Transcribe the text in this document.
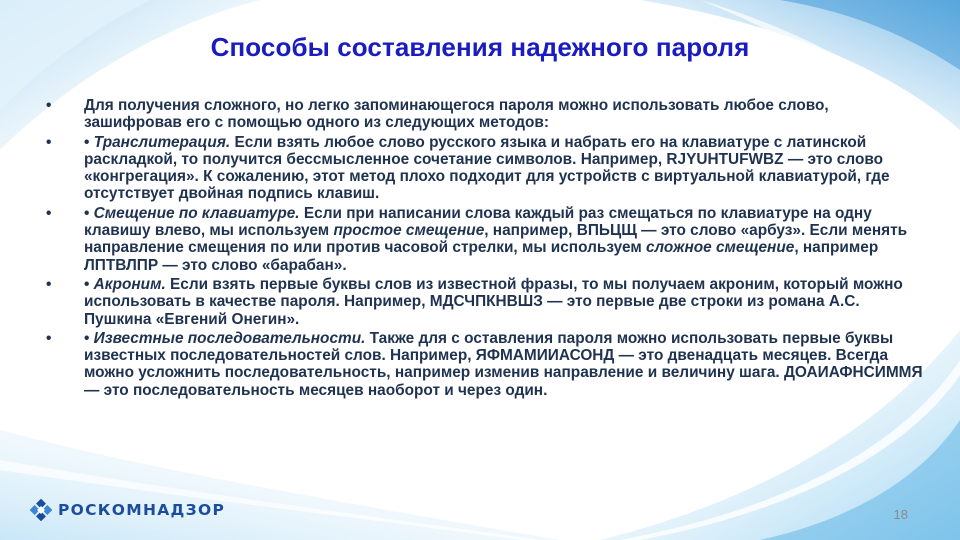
Способы составления надежного пароля
• Для получения сложного, но легко запоминающегося пароля можно использовать любое слово, зашифровав его с помощью одного из следующих методов:
• • Транслитерация. Если взять любое слово русского языка и набрать его на клавиатуре с латинской раскладкой, то получится бессмысленное сочетание символов. Например, RJYUHTUFWBZ — это слово «конгрегация». К сожалению, этот метод плохо подходит для устройств с виртуальной клавиатурой, где отсутствует двойная подпись клавиш.
• • Смещение по клавиатуре. Если при написании слова каждый раз смещаться по клавиатуре на одну клавишу влево, мы используем простое смещение, например, ВПЬЦЩ — это слово «арбуз». Если менять направление смещения по или против часовой стрелки, мы используем сложное смещение, например ЛПТВЛПР — это слово «барабан».
• • Акроним. Если взять первые буквы слов из известной фразы, то мы получаем акроним, который можно использовать в качестве пароля. Например, МДСЧПКНВШЗ — это первые две строки из романа А.С. Пушкина «Евгений Онегин».
• • Известные последовательности. Также для с оставления пароля можно использовать первые буквы известных последовательностей слов. Например, ЯФМАМИИАСОНД — это двенадцать месяцев. Всегда можно усложнить последовательность, например изменив направление и величину шага. ДОАИАФНСИММЯ — это последовательность месяцев наоборот и через один.
РОСКОМНАДЗОР	18
